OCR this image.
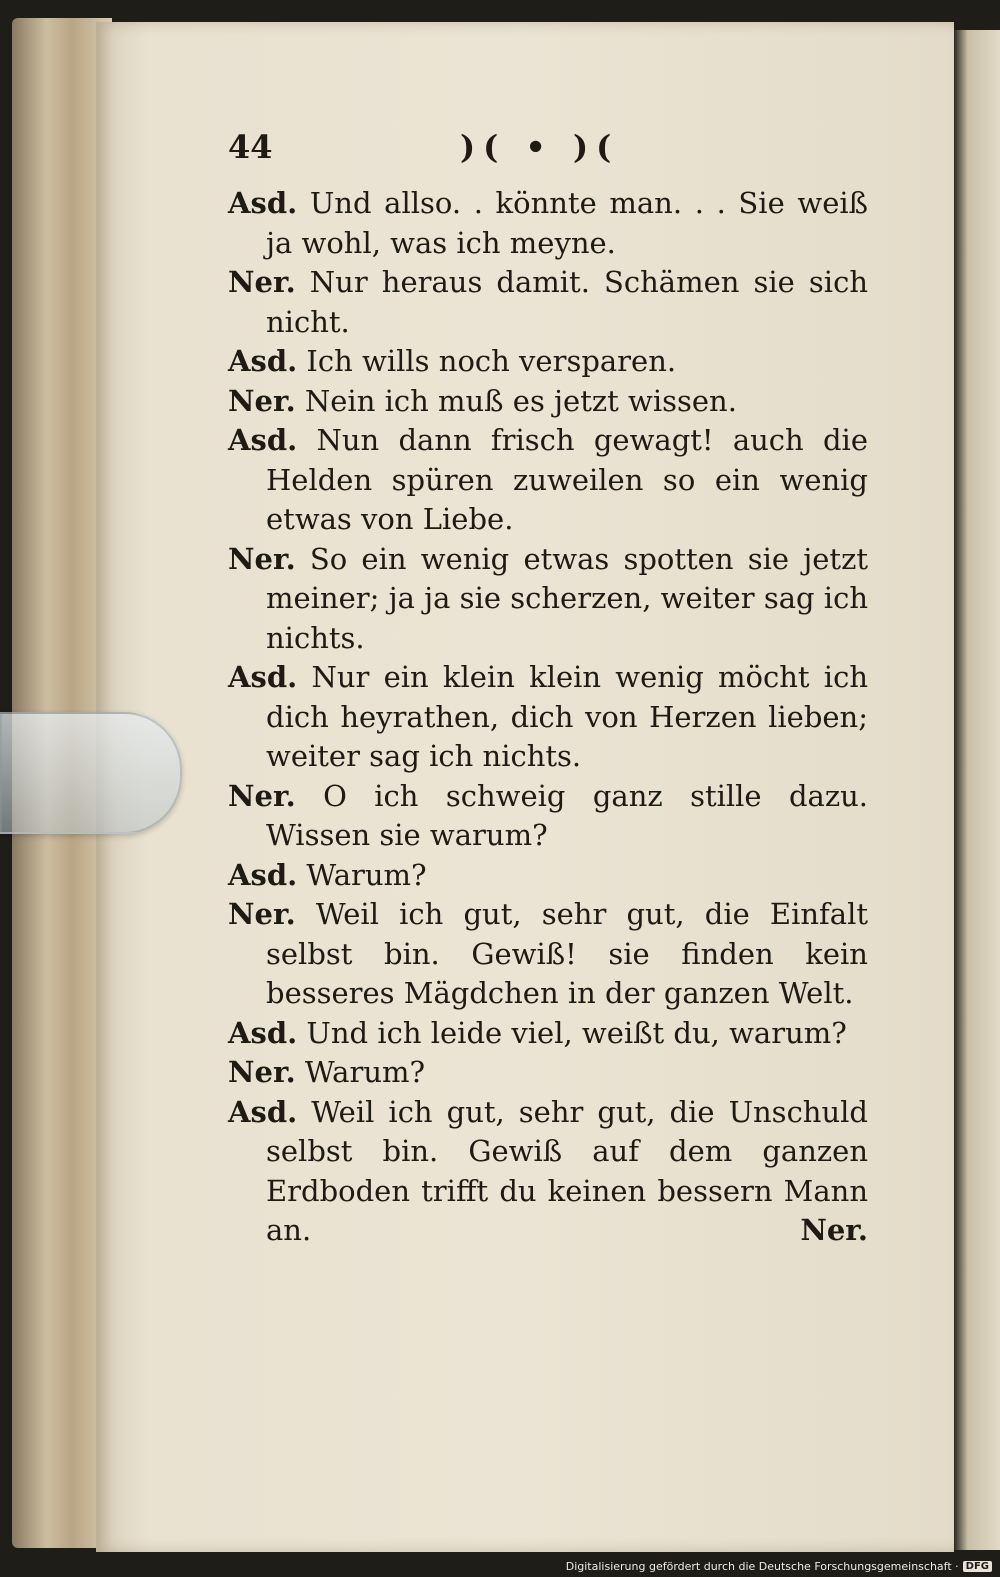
44	)( • )(

Asd. Und allso. . könnte man. . . Sie weiß ja wohl, was ich meyne.

Ner. Nur heraus damit. Schämen sie sich nicht.

Asd. Ich wills noch versparen.

Ner. Nein ich muß es jetzt wissen.

Asd. Nun dann frisch gewagt! auch die Helden spüren zuweilen so ein wenig etwas von Liebe.

Ner. So ein wenig etwas spotten sie jetzt meiner; ja ja sie scherzen, weiter sag ich nichts.

Asd. Nur ein klein klein wenig möcht ich dich heyrathen, dich von Herzen lieben; weiter sag ich nichts.

Ner. O ich schweig ganz stille dazu. Wissen sie warum?

Asd. Warum?

Ner. Weil ich gut, sehr gut, die Einfalt selbst bin. Gewiß! sie finden kein besseres Mägdchen in der ganzen Welt.

Asd. Und ich leide viel, weißt du, warum?

Ner. Warum?

Asd. Weil ich gut, sehr gut, die Unschuld selbst bin. Gewiß auf dem ganzen Erdboden trifft du keinen bessern Mann an.	Ner.
Digitalisierung gefördert durch die Deutsche Forschungsgemeinschaft · DFG
